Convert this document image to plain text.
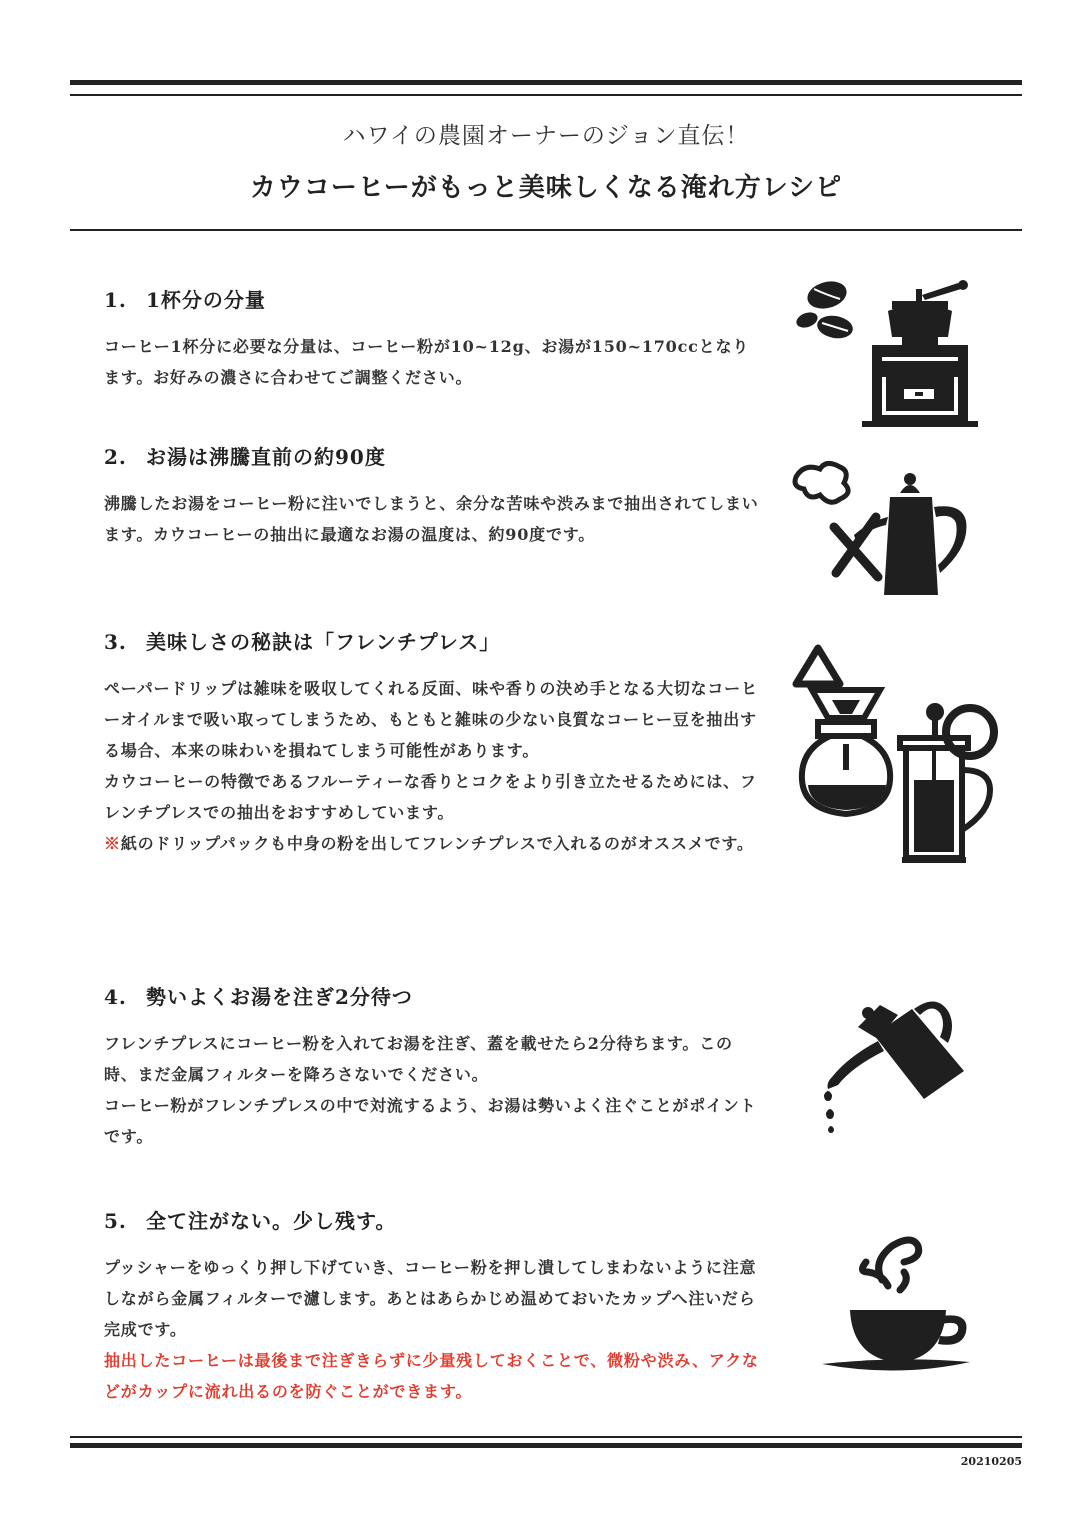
ハワイの農園オーナーのジョン直伝！
カウコーヒーがもっと美味しくなる淹れ方レシピ
1. 1杯分の分量

コーヒー1杯分に必要な分量は、コーヒー粉が10~12g、お湯が150~170ccとなります。お好みの濃さに合わせてご調整ください。

2. お湯は沸騰直前の約90度

沸騰したお湯をコーヒー粉に注いでしまうと、余分な苦味や渋みまで抽出されてしまいます。カウコーヒーの抽出に最適なお湯の温度は、約90度です。

3. 美味しさの秘訣は「フレンチプレス」

ペーパードリップは雑味を吸収してくれる反面、味や香りの決め手となる大切なコーヒーオイルまで吸い取ってしまうため、もともと雑味の少ない良質なコーヒー豆を抽出する場合、本来の味わいを損ねてしまう可能性があります。

カウコーヒーの特徴であるフルーティーな香りとコクをより引き立たせるためには、フレンチプレスでの抽出をおすすめしています。

※紙のドリップパックも中身の粉を出してフレンチプレスで入れるのがオススメです。

4. 勢いよくお湯を注ぎ2分待つ

フレンチプレスにコーヒー粉を入れてお湯を注ぎ、蓋を載せたら2分待ちます。この時、まだ金属フィルターを降ろさないでください。

コーヒー粉がフレンチプレスの中で対流するよう、お湯は勢いよく注ぐことがポイントです。

5. 全て注がない。少し残す。

プッシャーをゆっくり押し下げていき、コーヒー粉を押し潰してしまわないように注意しながら金属フィルターで濾します。あとはあらかじめ温めておいたカップへ注いだら完成です。

抽出したコーヒーは最後まで注ぎきらずに少量残しておくことで、微粉や渋み、アクなどがカップに流れ出るのを防ぐことができます。

20210205
